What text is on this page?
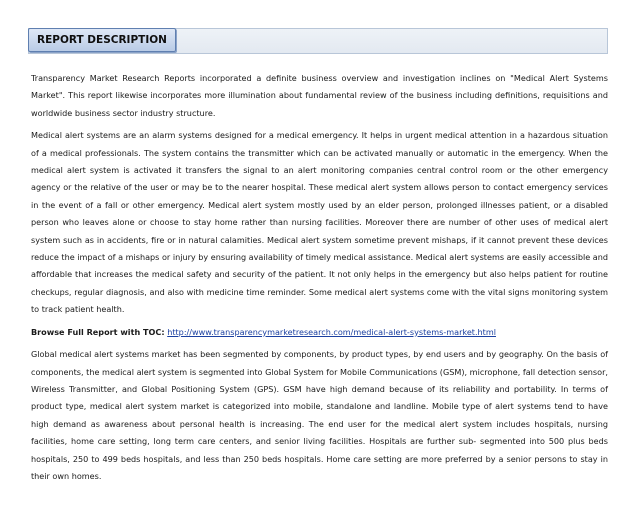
REPORT DESCRIPTION

Transparency Market Research Reports incorporated a definite business overview and investigation inclines on "Medical Alert Systems Market". This report likewise incorporates more illumination about fundamental review of the business including definitions, requisitions and worldwide business sector industry structure.

Medical alert systems are an alarm systems designed for a medical emergency. It helps in urgent medical attention in a hazardous situation of a medical professionals. The system contains the transmitter which can be activated manually or automatic in the emergency. When the medical alert system is activated it transfers the signal to an alert monitoring companies central control room or the other emergency agency or the relative of the user or may be to the nearer hospital. These medical alert system allows person to contact emergency services in the event of a fall or other emergency. Medical alert system mostly used by an elder person, prolonged illnesses patient, or a disabled person who leaves alone or choose to stay home rather than nursing facilities. Moreover there are number of other uses of medical alert system such as in accidents, fire or in natural calamities. Medical alert system sometime prevent mishaps, if it cannot prevent these devices reduce the impact of a mishaps or injury by ensuring availability of timely medical assistance. Medical alert systems are easily accessible and affordable that increases the medical safety and security of the patient. It not only helps in the emergency but also helps patient for routine checkups, regular diagnosis, and also with medicine time reminder. Some medical alert systems come with the vital signs monitoring system to track patient health.

Browse Full Report with TOC: http://www.transparencymarketresearch.com/medical-alert-systems-market.html

Global medical alert systems market has been segmented by components, by product types, by end users and by geography. On the basis of components, the medical alert system is segmented into Global System for Mobile Communications (GSM), microphone, fall detection sensor, Wireless Transmitter, and Global Positioning System (GPS). GSM have high demand because of its reliability and portability. In terms of product type, medical alert system market is categorized into mobile, standalone and landline. Mobile type of alert systems tend to have high demand as awareness about personal health is increasing. The end user for the medical alert system includes hospitals, nursing facilities, home care setting, long term care centers, and senior living facilities. Hospitals are further sub- segmented into 500 plus beds hospitals, 250 to 499 beds hospitals, and less than 250 beds hospitals. Home care setting are more preferred by a senior persons to stay in their own homes.
